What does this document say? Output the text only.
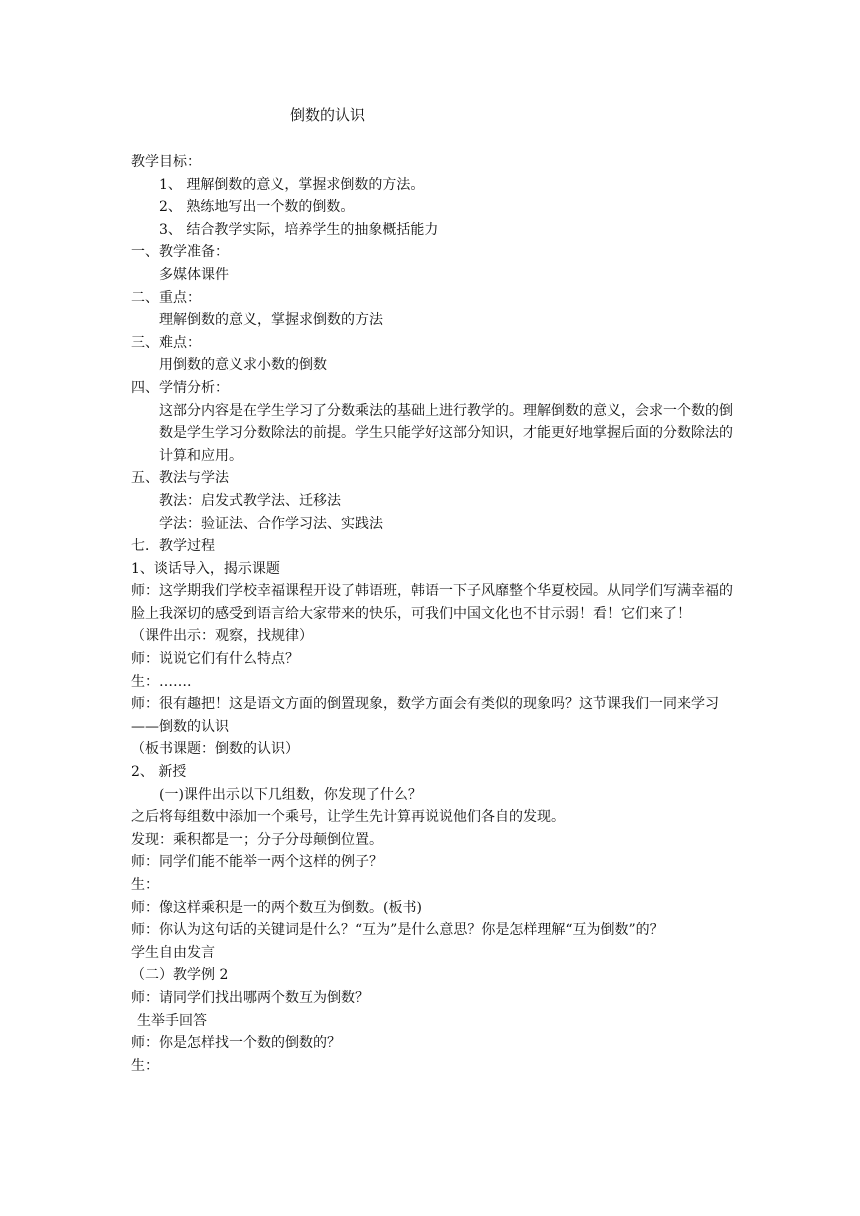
倒数的认识

教学目标：

1、 理解倒数的意义，掌握求倒数的方法。

2、 熟练地写出一个数的倒数。

3、 结合教学实际，培养学生的抽象概括能力

一、教学准备：

多媒体课件

二、重点：

理解倒数的意义，掌握求倒数的方法

三、难点：

用倒数的意义求小数的倒数

四、学情分析：

这部分内容是在学生学习了分数乘法的基础上进行教学的。理解倒数的意义，会求一个数的倒数是学生学习分数除法的前提。学生只能学好这部分知识，才能更好地掌握后面的分数除法的计算和应用。

五、教法与学法

教法：启发式教学法、迁移法

学法：验证法、合作学习法、实践法

七．教学过程

1、谈话导入，揭示课题

师：这学期我们学校幸福课程开设了韩语班，韩语一下子风靡整个华夏校园。从同学们写满幸福的脸上我深切的感受到语言给大家带来的快乐，可我们中国文化也不甘示弱！看！它们来了！

（课件出示：观察，找规律）

师：说说它们有什么特点？

生：…….

师：很有趣把！这是语文方面的倒置现象，数学方面会有类似的现象吗？这节课我们一同来学习——倒数的认识

（板书课题：倒数的认识）

2、 新授

(一)课件出示以下几组数，你发现了什么？

之后将每组数中添加一个乘号，让学生先计算再说说他们各自的发现。

发现：乘积都是一；分子分母颠倒位置。

师：同学们能不能举一两个这样的例子？

生：

师：像这样乘积是一的两个数互为倒数。(板书)

师：你认为这句话的关键词是什么？“互为”是什么意思？你是怎样理解“互为倒数”的？

学生自由发言

（二）教学例 2

师：请同学们找出哪两个数互为倒数？

生举手回答

师：你是怎样找一个数的倒数的？

生：
